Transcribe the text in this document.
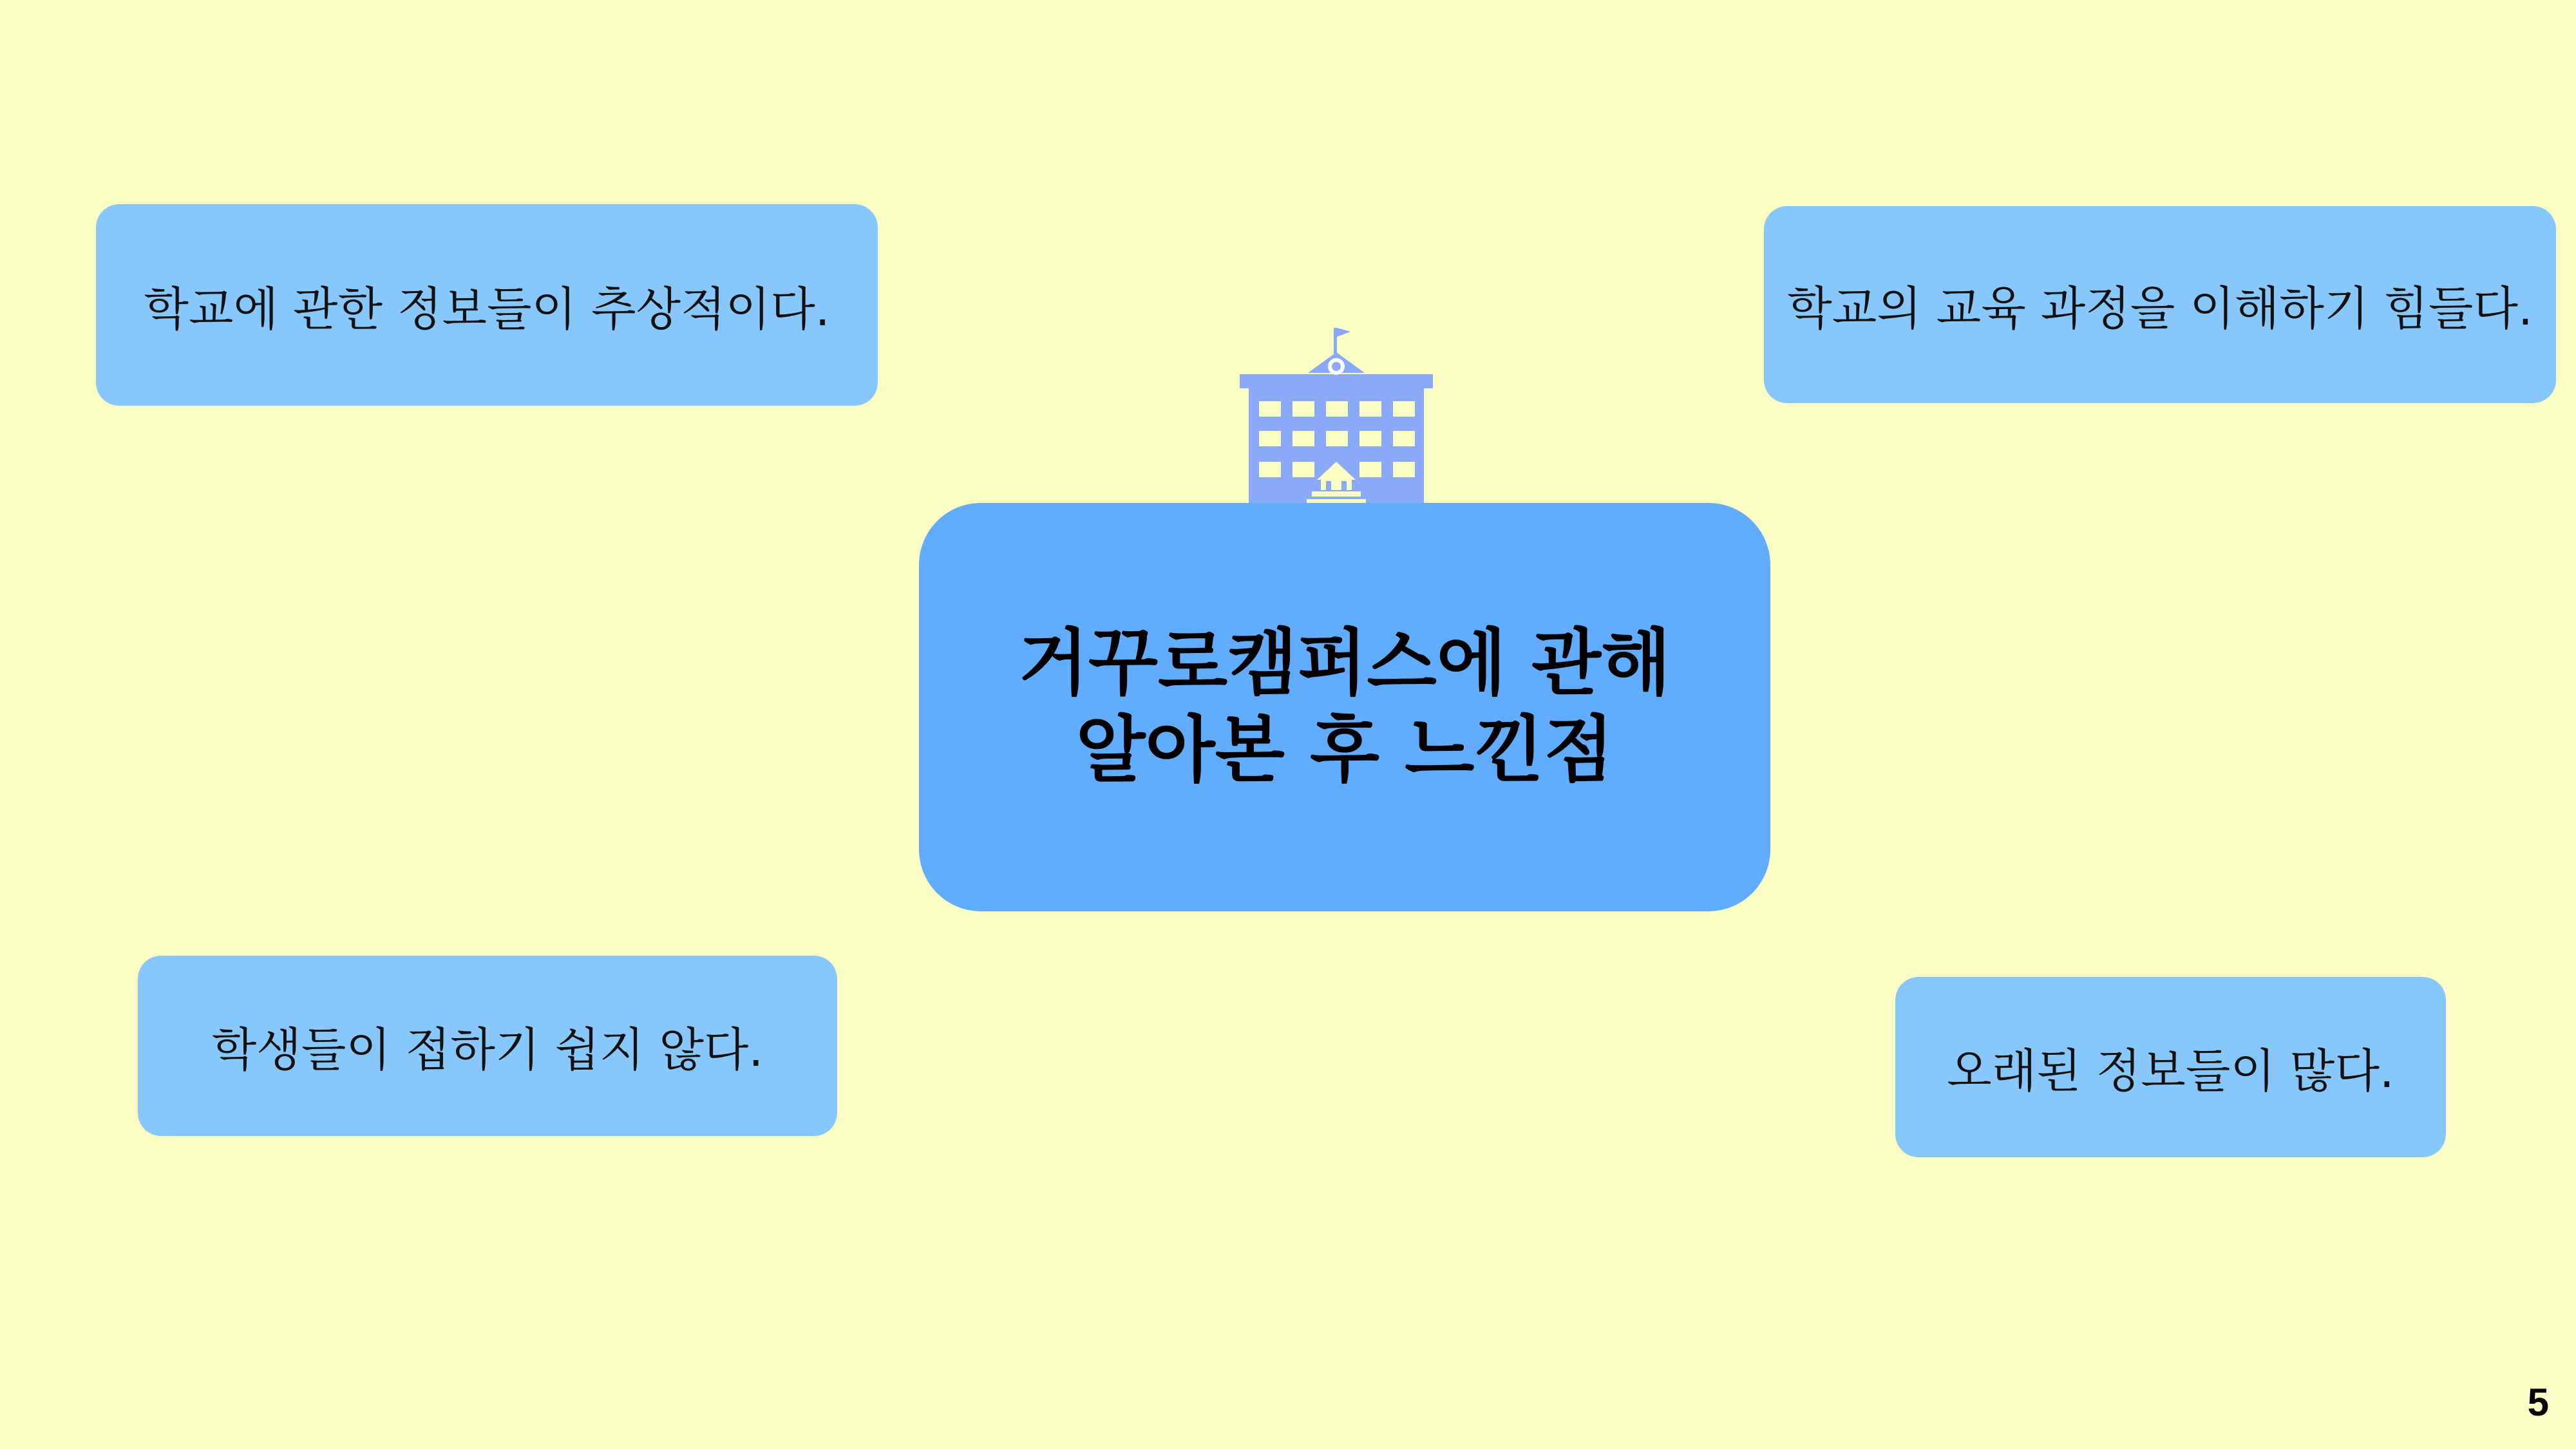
학교에 관한 정보들이 추상적이다.	학교의 교육 과정을 이해하기 힘들다.
학생들이 접하기 쉽지 않다.	오래된 정보들이 많다.
거꾸로캠퍼스에 관해
알아본 후 느낀점
5
